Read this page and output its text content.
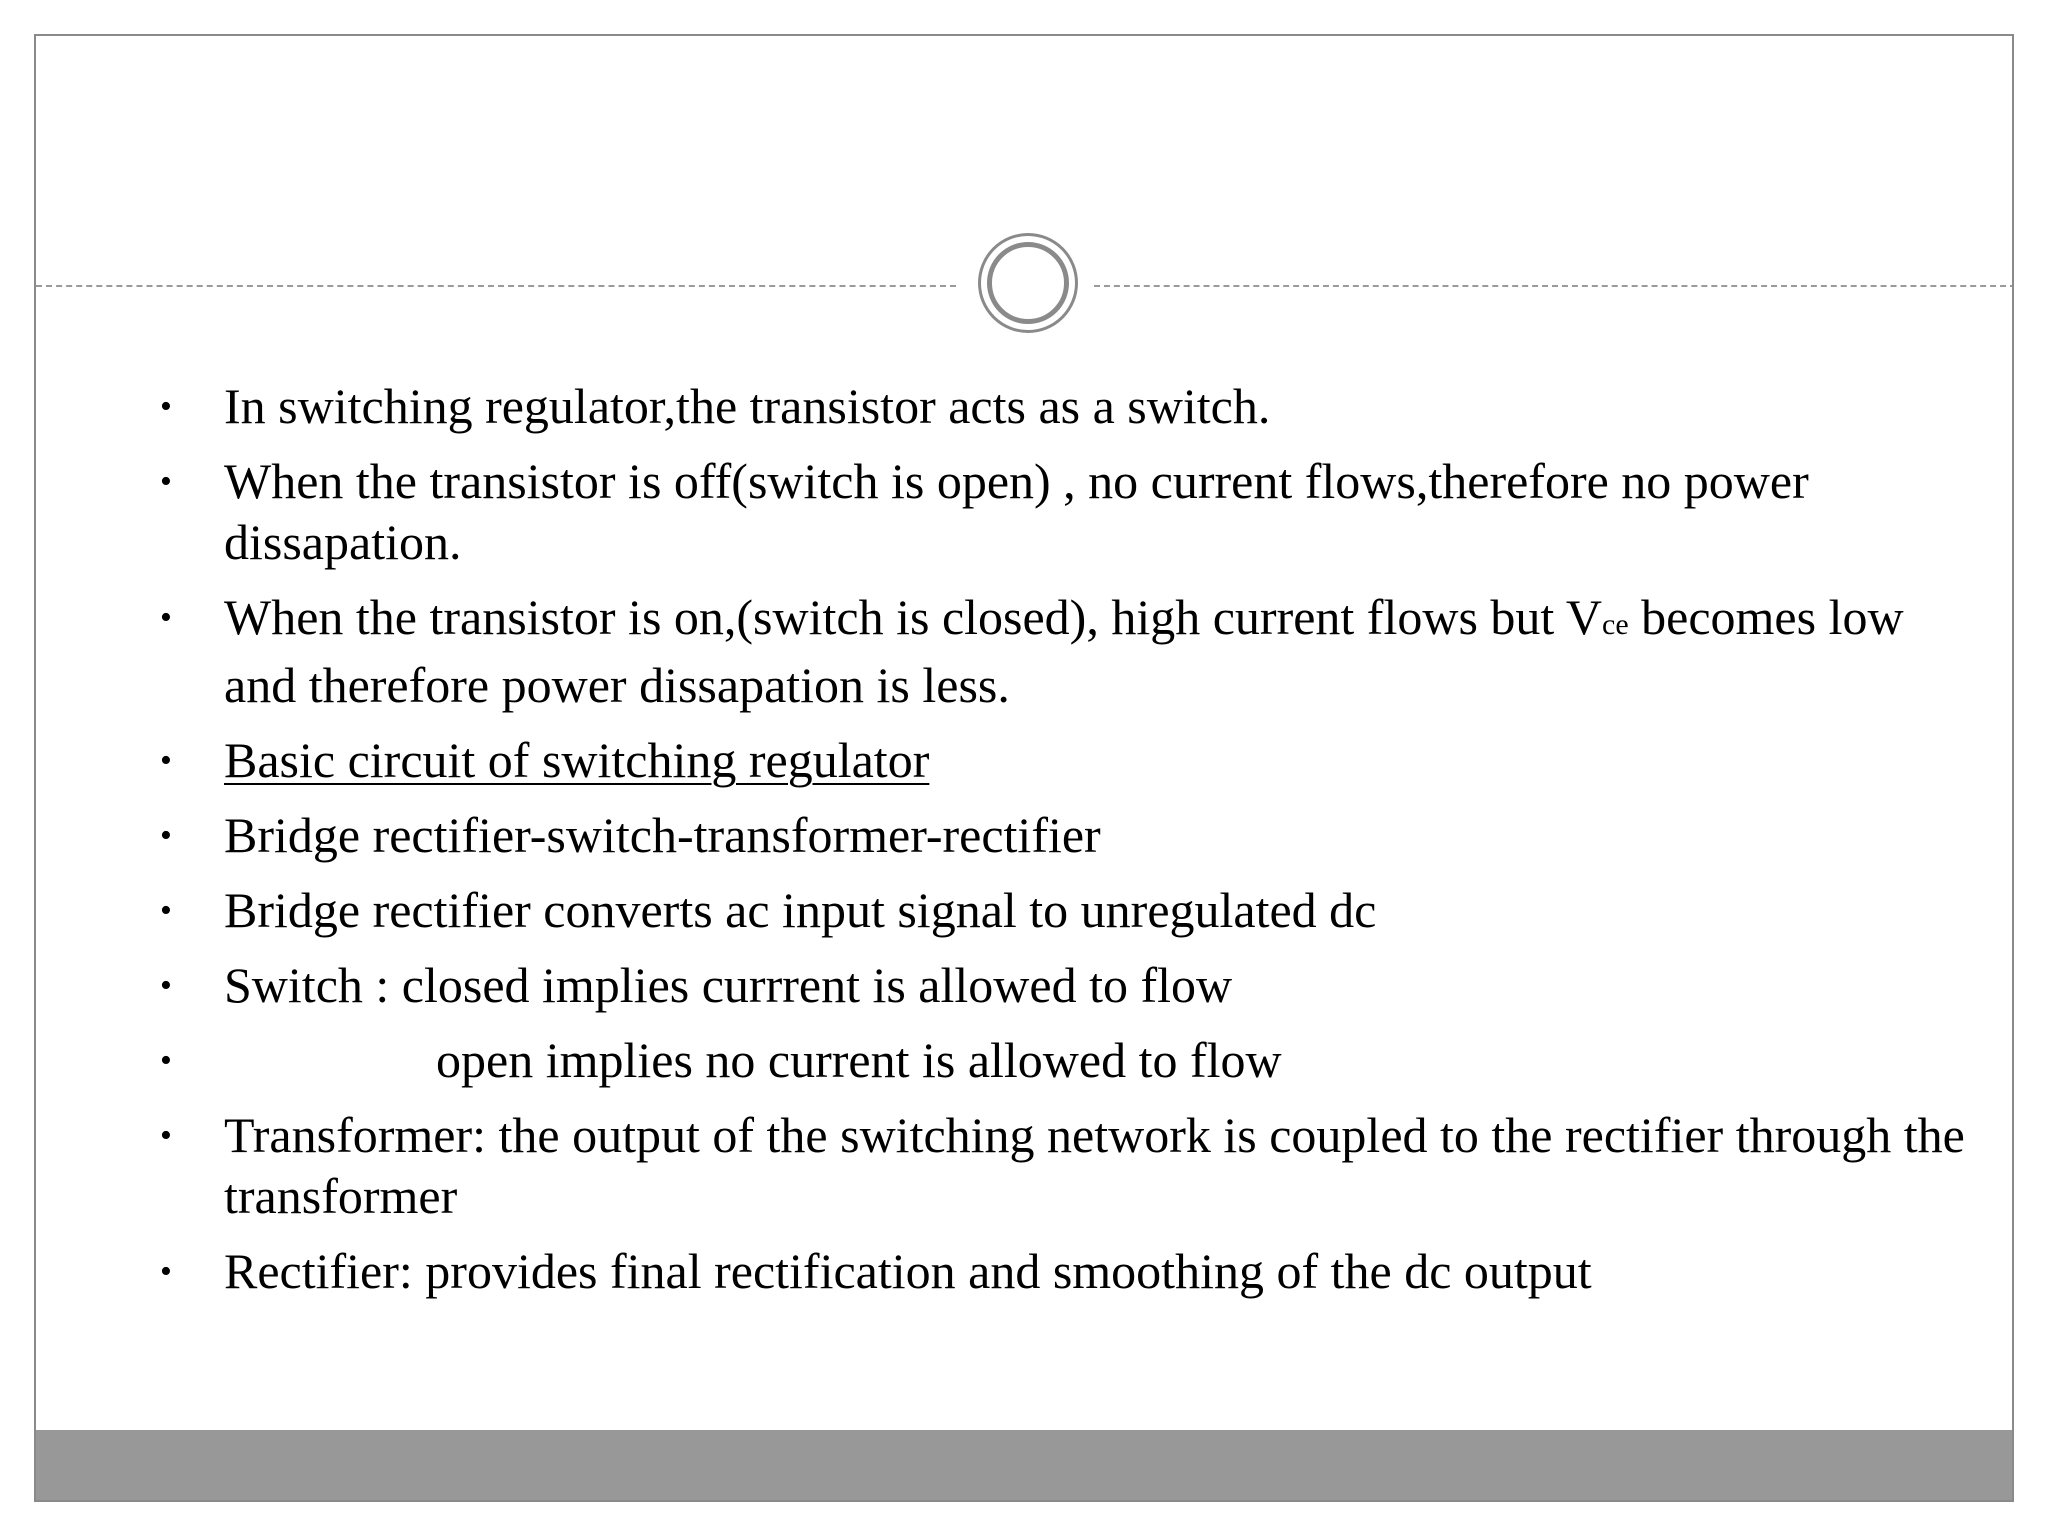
• In switching regulator,the transistor acts as a switch.
• When the transistor is off(switch is open) , no current flows,therefore no power dissapation.
• When the transistor is on,(switch is closed), high current flows but Vce becomes low and therefore power dissapation is less.
• Basic circuit of switching regulator
• Bridge rectifier-switch-transformer-rectifier
• Bridge rectifier converts ac input signal to unregulated dc
• Switch : closed implies currrent is allowed to flow
•	open implies no current is allowed to flow
• Transformer: the output of the switching network is coupled to the rectifier through the transformer
• Rectifier: provides final rectification and smoothing of the dc output
